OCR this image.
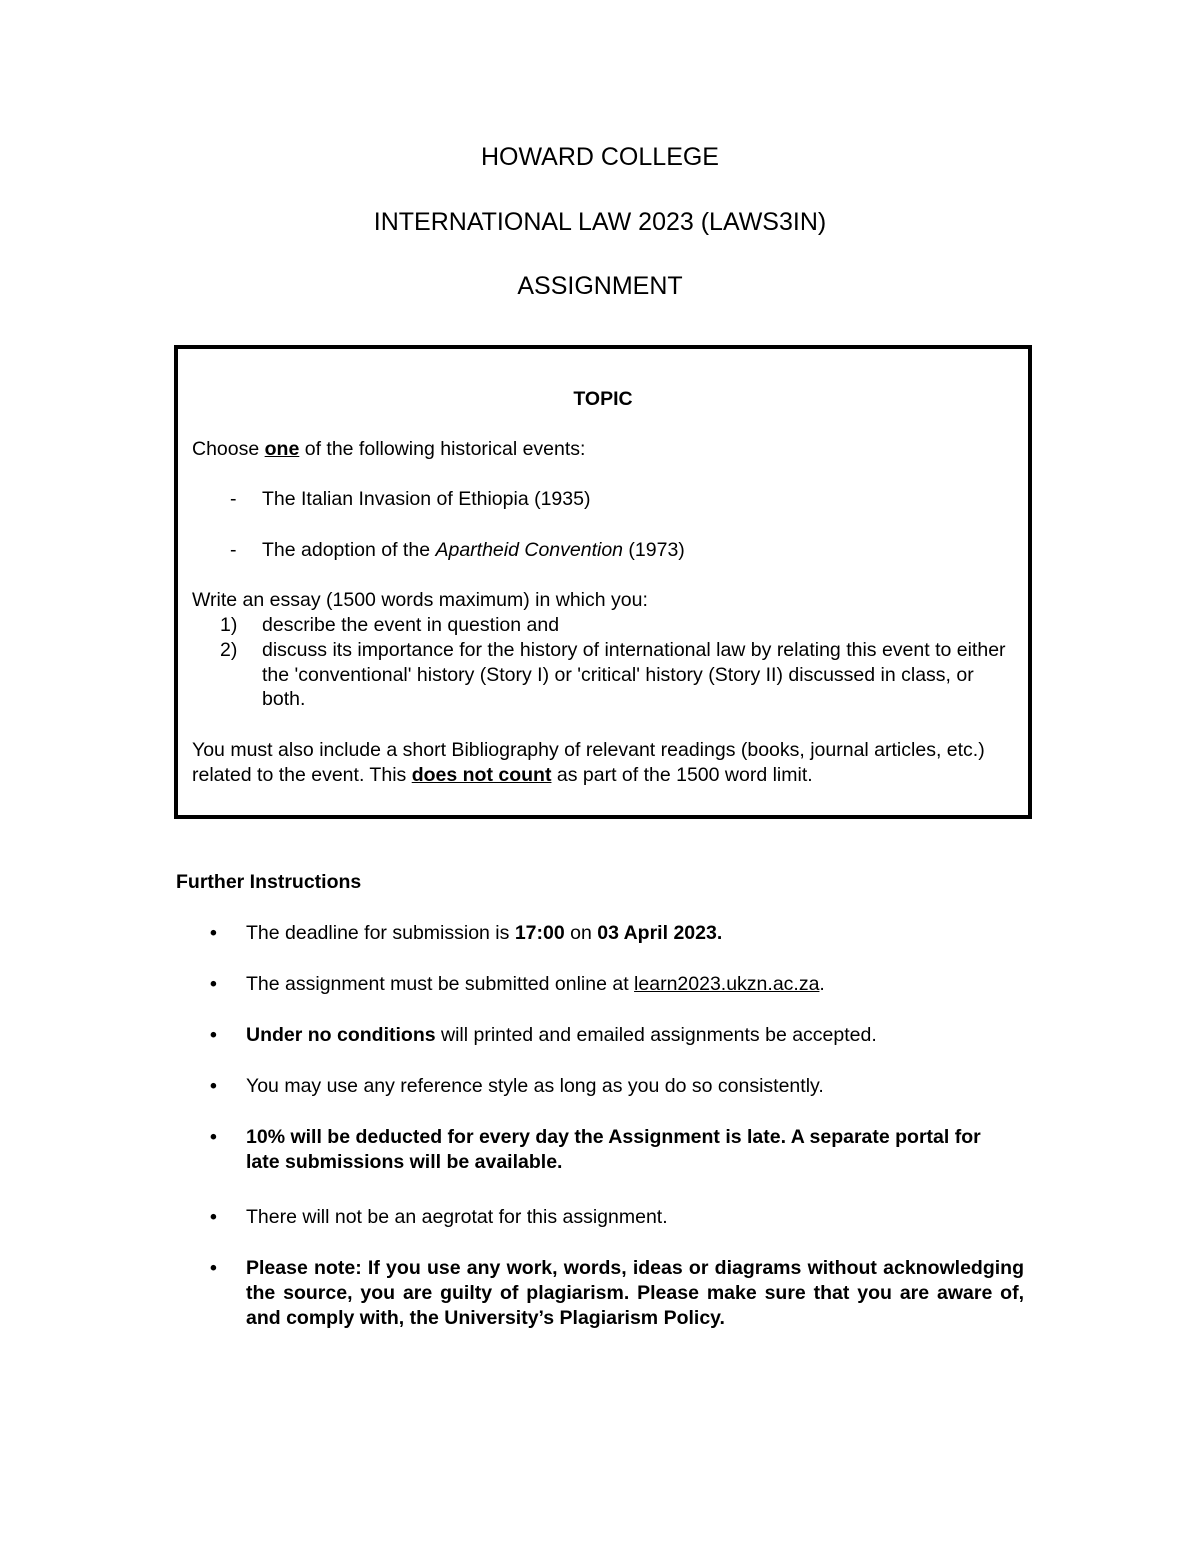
HOWARD COLLEGE
INTERNATIONAL LAW 2023 (LAWS3IN)
ASSIGNMENT

TOPIC

Choose one of the following historical events:

- The Italian Invasion of Ethiopia (1935)

- The adoption of the Apartheid Convention (1973)

Write an essay (1500 words maximum) in which you:

1) describe the event in question and

2) discuss its importance for the history of international law by relating this event to either the 'conventional' history (Story I) or 'critical' history (Story II) discussed in class, or both.

You must also include a short Bibliography of relevant readings (books, journal articles, etc.) related to the event. This does not count as part of the 1500 word limit.

Further Instructions
• The deadline for submission is 17:00 on 03 April 2023.

• The assignment must be submitted online at learn2023.ukzn.ac.za.

• Under no conditions will printed and emailed assignments be accepted.

• You may use any reference style as long as you do so consistently.

• 10% will be deducted for every day the Assignment is late. A separate portal for late submissions will be available.

• There will not be an aegrotat for this assignment.

• Please note: If you use any work, words, ideas or diagrams without acknowledging the source, you are guilty of plagiarism. Please make sure that you are aware of, and comply with, the University’s Plagiarism Policy.
